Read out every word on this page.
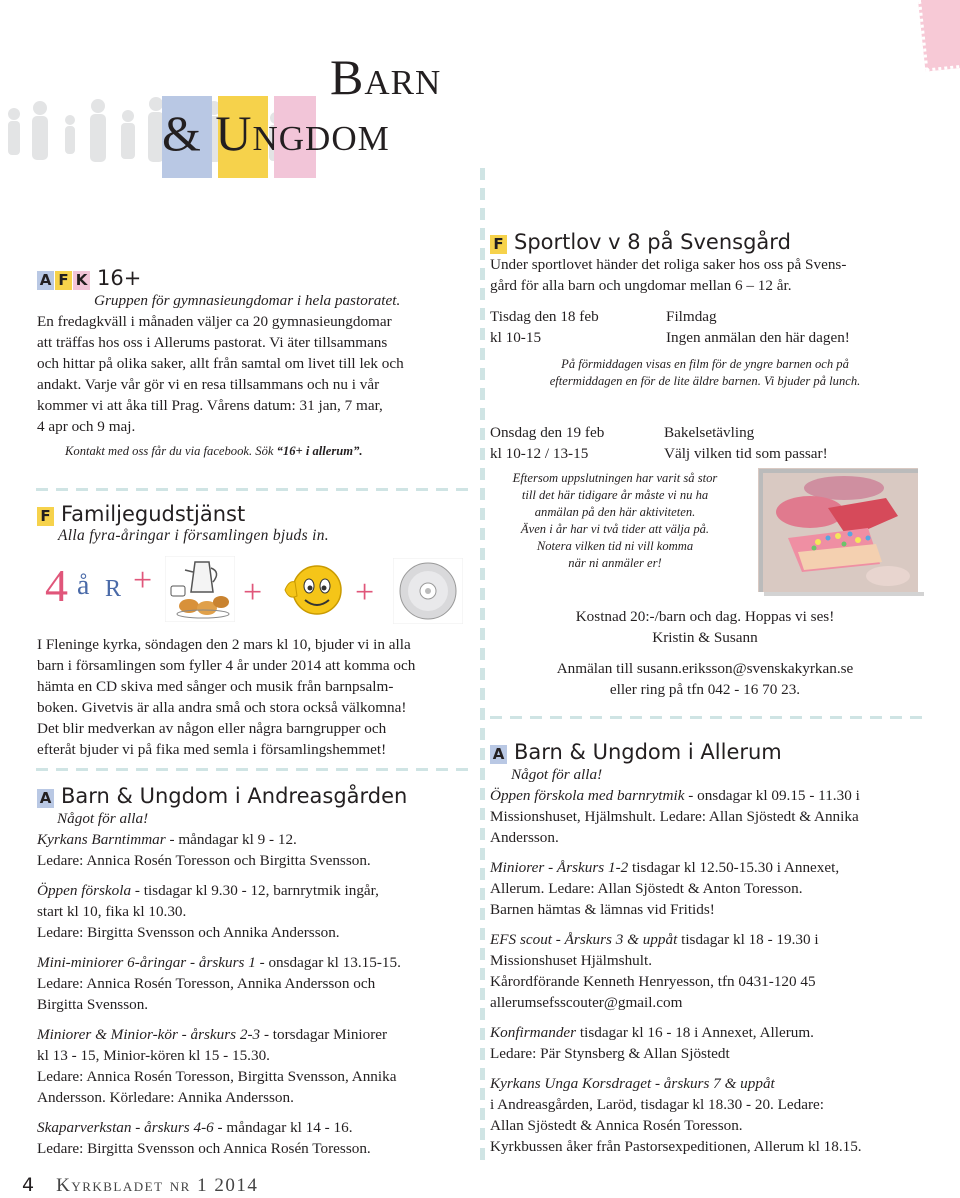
Barn
& Ungdom
A F K 16+
Gruppen för gymnasieungdomar i hela pastoratet.
En fredagkväll i månaden väljer ca 20 gymnasieungdomar
att träffas hos oss i Allerums pastorat. Vi äter tillsammans
och hittar på olika saker, allt från samtal om livet till lek och
andakt. Varje vår gör vi en resa tillsammans och nu i vår
kommer vi att åka till Prag. Vårens datum: 31 jan, 7 mar,
4 apr och 9 maj.
Kontakt med oss får du via facebook. Sök “16+ i allerum”.
F Familjegudstjänst
Alla fyra-åringar i församlingen bjuds in.
4 å R +	+	+
I Fleninge kyrka, söndagen den 2 mars kl 10, bjuder vi in alla
barn i församlingen som fyller 4 år under 2014 att komma och
hämta en CD skiva med sånger och musik från barnpsalm-
boken. Givetvis är alla andra små och stora också välkomna!
Det blir medverkan av någon eller några barngrupper och
efteråt bjuder vi på fika med semla i församlingshemmet!
A Barn & Ungdom i Andreasgården
Något för alla!
Kyrkans Barntimmar - måndagar kl 9 - 12.
Ledare: Annica Rosén Toresson och Birgitta Svensson.
Öppen förskola - tisdagar kl 9.30 - 12, barnrytmik ingår,
start kl 10, fika kl 10.30.
Ledare: Birgitta Svensson och Annika Andersson.
Mini-miniorer 6-åringar - årskurs 1 - onsdagar kl 13.15-15.
Ledare: Annica Rosén Toresson, Annika Andersson och
Birgitta Svensson.
Miniorer & Minior-kör - årskurs 2-3 - torsdagar Miniorer
kl 13 - 15, Minior-kören kl 15 - 15.30.
Ledare: Annica Rosén Toresson, Birgitta Svensson, Annika
Andersson. Körledare: Annika Andersson.
Skaparverkstan - årskurs 4-6 - måndagar kl 14 - 16.
Ledare: Birgitta Svensson och Annica Rosén Toresson.
4 Kyrkbladet nr 1 2014
F Sportlov v 8 på Svensgård
Under sportlovet händer det roliga saker hos oss på Svens-
gård för alla barn och ungdomar mellan 6 – 12 år.
Tisdag den 18 feb
kl 10-15
Filmdag
Ingen anmälan den här dagen!
På förmiddagen visas en film för de yngre barnen och på
eftermiddagen en för de lite äldre barnen. Vi bjuder på lunch.
Onsdag den 19 feb
kl 10-12 / 13-15
Bakelsetävling
Välj vilken tid som passar!
Eftersom uppslutningen har varit så stor
till det här tidigare år måste vi nu ha
anmälan på den här aktiviteten.
Även i år har vi två tider att välja på.
Notera vilken tid ni vill komma
när ni anmäler er!
Kostnad 20:-/barn och dag. Hoppas vi ses!
Kristin & Susann
Anmälan till susann.eriksson@svenskakyrkan.se
eller ring på tfn 042 - 16 70 23.
A Barn & Ungdom i Allerum
Något för alla!
Öppen förskola med barnrytmik - onsdagar kl 09.15 - 11.30 i
Missionshuset, Hjälmshult. Ledare: Allan Sjöstedt & Annika
Andersson.
Miniorer - Årskurs 1-2 tisdagar kl 12.50-15.30 i Annexet,
Allerum. Ledare: Allan Sjöstedt & Anton Toresson.
Barnen hämtas & lämnas vid Fritids!
EFS scout - Årskurs 3 & uppåt tisdagar kl 18 - 19.30 i
Missionshuset Hjälmshult.
Kårordförande Kenneth Henryesson, tfn 0431-120 45
allerumsefsscouter@gmail.com
Konfirmander tisdagar kl 16 - 18 i Annexet, Allerum.
Ledare: Pär Stynsberg & Allan Sjöstedt
Kyrkans Unga Korsdraget - årskurs 7 & uppåt
i Andreasgården, Laröd, tisdagar kl 18.30 - 20. Ledare:
Allan Sjöstedt & Annica Rosén Toresson.
Kyrkbussen åker från Pastorsexpeditionen, Allerum kl 18.15.
